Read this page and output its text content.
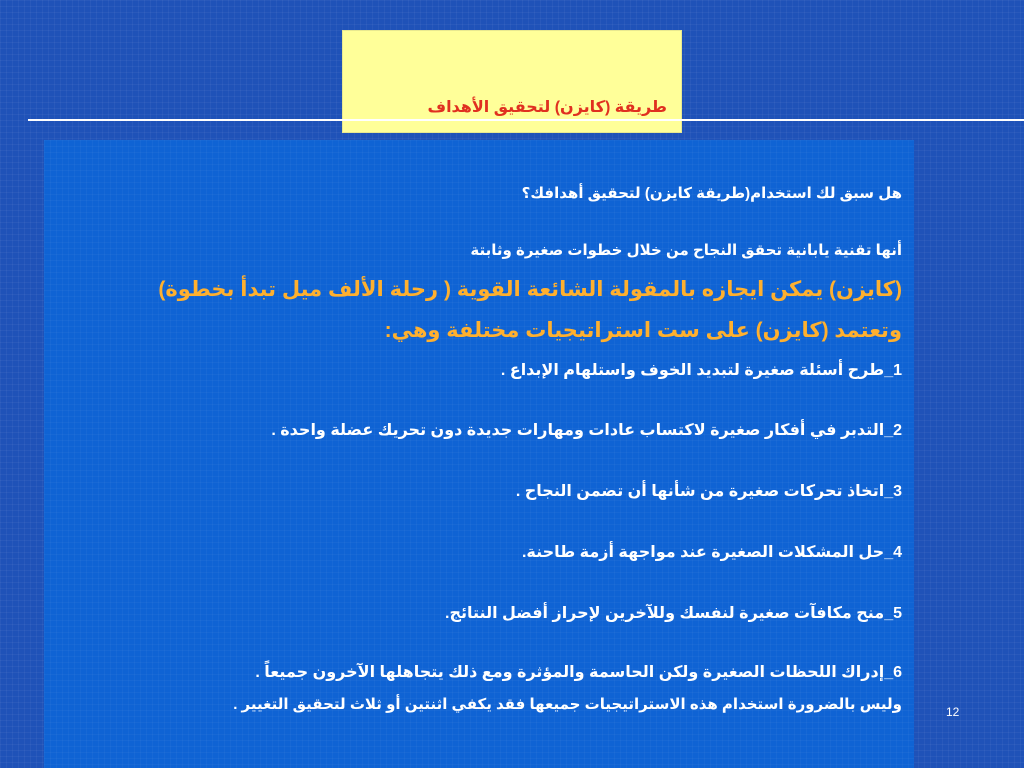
طريقة (كايزن) لتحقيق الأهداف
هل سبق لك استخدام(طريقة كايزن) لتحقيق أهدافك؟
أنها تقنية يابانية تحقق النجاح من خلال خطوات صغيرة وثابتة
(كايزن) يمكن ايجازه بالمقولة الشائعة القوية ( رحلة الألف ميل تبدأ بخطوة)
وتعتمد (كايزن) على ست استراتيجيات مختلفة وهي:
1_طرح أسئلة صغيرة لتبديد الخوف واستلهام الإبداع .
2_التدبر في أفكار صغيرة لاكتساب عادات ومهارات جديدة دون تحريك عضلة واحدة .
3_اتخاذ تحركات صغيرة من شأنها أن تضمن النجاح .
4_حل المشكلات الصغيرة عند مواجهة أزمة طاحنة.
5_منح مكافآت صغيرة لنفسك وللآخرين لإحراز أفضل النتائج.
6_إدراك اللحظات الصغيرة ولكن الحاسمة والمؤثرة ومع ذلك يتجاهلها الآخرون جميعاً .
وليس بالضرورة استخدام هذه الاستراتيجيات جميعها فقد يكفي اثنتين أو ثلاث لتحقيق التغيير .	12
